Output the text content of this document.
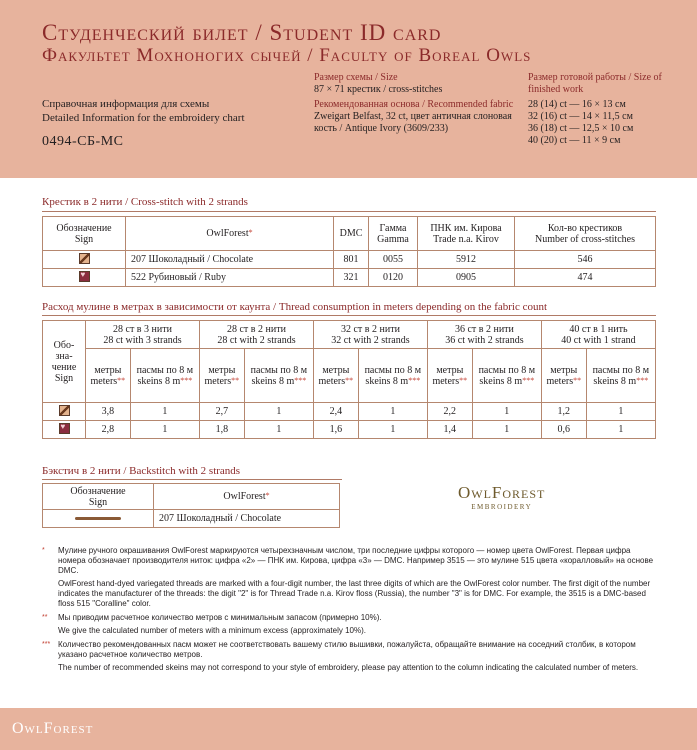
Студенческий билет / Student ID card
Факультет Мохноногих сычей / Faculty of Boreal Owls
Справочная информация для схемы
Detailed Information for the embroidery chart
0494-СБ-МС
Размер схемы / Size
87 × 71 крестик / cross-stitches
Рекомендованная основа / Recommended fabric
Zweigart Belfast, 32 ct, цвет античная слоновая кость / Antique Ivory (3609/233)
Размер готовой работы / Size of finished work
28 (14) ct — 16 × 13 см
32 (16) ct — 14 × 11,5 см
36 (18) ct — 12,5 × 10 см
40 (20) ct — 11 × 9 см
Крестик в 2 нити / Cross-stitch with 2 strands
Обозначение
Sign	OwlForest*	DMC	Гамма
Gamma	ПНК им. Кирова
Trade n.a. Kirov	Кол-во крестиков
Number of cross-stitches
	207 Шоколадный / Chocolate	801	0055	5912	546
♥	522 Рубиновый / Ruby	321	0120	0905	474
Расход мулине в метрах в зависимости от каунта / Thread consumption in meters depending on the fabric count
Обо-
зна-
чение
Sign	28 ст в 3 нити
28 ct with 3 strands		28 ст в 2 нити
28 ct with 2 strands		32 ст в 2 нити
32 ct with 2 strands		36 ст в 2 нити
36 ct with 2 strands		40 ст в 1 нить
40 ct with 1 strand	
	метры
meters**	пасмы по 8 м
skeins 8 m***	метры
meters**	пасмы по 8 м
skeins 8 m***	метры
meters**	пасмы по 8 м
skeins 8 m***	метры
meters**	пасмы по 8 м
skeins 8 m***	метры
meters**	пасмы по 8 м
skeins 8 m***
	3,8	1	2,7	1	2,4	1	2,2	1	1,2	1
♥	2,8	1	1,8	1	1,6	1	1,4	1	0,6	1
Бэкстич в 2 нити / Backstitch with 2 strands
Обозначение
Sign	OwlForest*
	207 Шоколадный / Chocolate
OwlForest
EMBROIDERY
* Мулине ручного окрашивания OwlForest маркируются четырехзначным числом, три последние цифры которого — номер цвета OwlForest. Первая цифра номера обозначает производителя ниток: цифра «2» — ПНК им. Кирова, цифра «3» — DMC. Например 3515 — это мулине 515 цвета «коралловый» на основе DMC.
OwlForest hand-dyed variegated threads are marked with a four-digit number, the last three digits of which are the OwlForest color number. The first digit of the number indicates the manufacturer of the threads: the digit "2" is for Thread Trade n.a. Kirov floss (Russia), the number "3" is for DMC. For example, the 3515 is a DMC-based floss 515 "Coralline" color.
** Мы приводим расчетное количество метров с минимальным запасом (примерно 10%).
We give the calculated number of meters with a minimum excess (approximately 10%).
*** Количество рекомендованных пасм может не соответствовать вашему стилю вышивки, пожалуйста, обращайте внимание на соседний столбик, в котором указано расчетное количество метров.
The number of recommended skeins may not correspond to your style of embroidery, please pay attention to the column indicating the calculated number of meters.
OwlForest
